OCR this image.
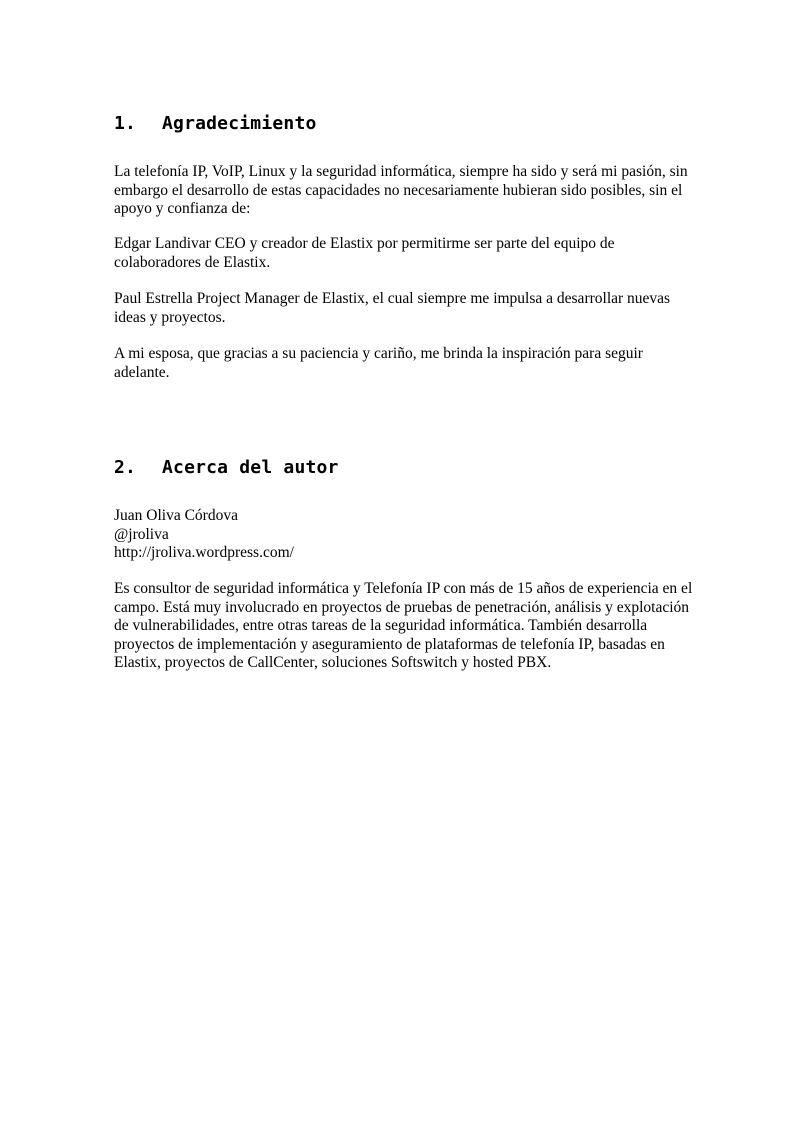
1. Agradecimiento

La telefonía IP, VoIP, Linux y la seguridad informática, siempre ha sido y será mi pasión, sin embargo el desarrollo de estas capacidades no necesariamente hubieran sido posibles, sin el apoyo y confianza de:

Edgar Landivar CEO y creador de Elastix por permitirme ser parte del equipo de colaboradores de Elastix.

Paul Estrella Project Manager de Elastix, el cual siempre me impulsa a desarrollar nuevas ideas y proyectos.

A mi esposa, que gracias a su paciencia y cariño, me brinda la inspiración para seguir adelante.

2. Acerca del autor
Juan Oliva Córdova
@jroliva
http://jroliva.wordpress.com/

Es consultor de seguridad informática y Telefonía IP con más de 15 años de experiencia en el campo. Está muy involucrado en proyectos de pruebas de penetración, análisis y explotación de vulnerabilidades, entre otras tareas de la seguridad informática. También desarrolla proyectos de implementación y aseguramiento de plataformas de telefonía IP, basadas en Elastix, proyectos de CallCenter, soluciones Softswitch y hosted PBX.
